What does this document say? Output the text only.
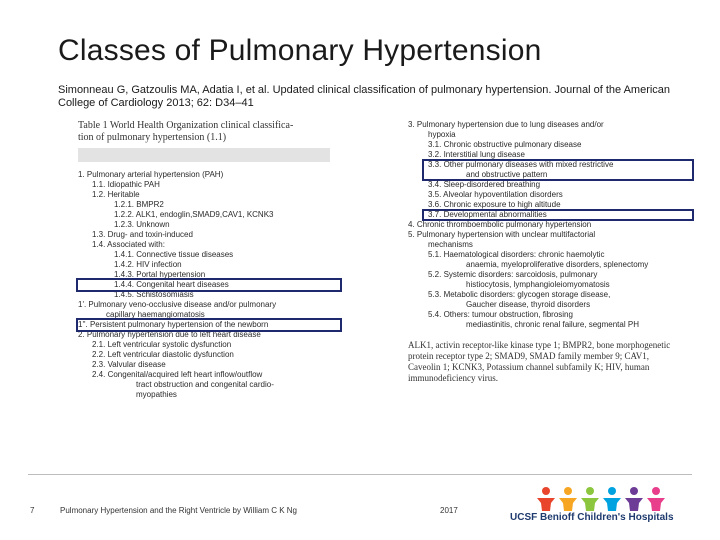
Classes of Pulmonary Hypertension
Simonneau G, Gatzoulis MA, Adatia I, et al. Updated clinical classification of pulmonary hypertension. Journal of the American College of Cardiology 2013; 62: D34–41
Table 1 World Health Organization clinical classifica-
tion of pulmonary hypertension (1.1)
1. Pulmonary arterial hypertension (PAH)
1.1. Idiopathic PAH
1.2. Heritable
1.2.1. BMPR2
1.2.2. ALK1, endoglin,SMAD9,CAV1, KCNK3
1.2.3. Unknown
1.3. Drug- and toxin-induced
1.4. Associated with:
1.4.1. Connective tissue diseases
1.4.2. HIV infection
1.4.3. Portal hypertension
1.4.4. Congenital heart diseases
1.4.5. Schistosomiasis
1'. Pulmonary veno-occlusive disease and/or pulmonary
capillary haemangiomatosis
1''. Persistent pulmonary hypertension of the newborn
2. Pulmonary hypertension due to left heart disease
2.1. Left ventricular systolic dysfunction
2.2. Left ventricular diastolic dysfunction
2.3. Valvular disease
2.4. Congenital/acquired left heart inflow/outflow
tract obstruction and congenital cardio-
myopathies
3. Pulmonary hypertension due to lung diseases and/or
hypoxia
3.1. Chronic obstructive pulmonary disease
3.2. Interstitial lung disease
3.3. Other pulmonary diseases with mixed restrictive
and obstructive pattern
3.4. Sleep-disordered breathing
3.5. Alveolar hypoventilation disorders
3.6. Chronic exposure to high altitude
3.7. Developmental abnormalities
4. Chronic thromboembolic pulmonary hypertension
5. Pulmonary hypertension with unclear multifactorial
mechanisms
5.1. Haematological disorders: chronic haemolytic
anaemia, myeloproliferative disorders, splenectomy
5.2. Systemic disorders: sarcoidosis, pulmonary
histiocytosis, lymphangioleiomyomatosis
5.3. Metabolic disorders: glycogen storage disease,
Gaucher disease, thyroid disorders
5.4. Others: tumour obstruction, fibrosing
mediastinitis, chronic renal failure, segmental PH
ALK1, activin receptor-like kinase type 1; BMPR2, bone morphogenetic protein receptor type 2; SMAD9, SMAD family member 9; CAV1, Caveolin 1; KCNK3, Potassium channel subfamily K; HIV, human immunodeficiency virus.
7	Pulmonary Hypertension and the Right Ventricle by William C K Ng	2017
UCSF Benioff Children's Hospitals
